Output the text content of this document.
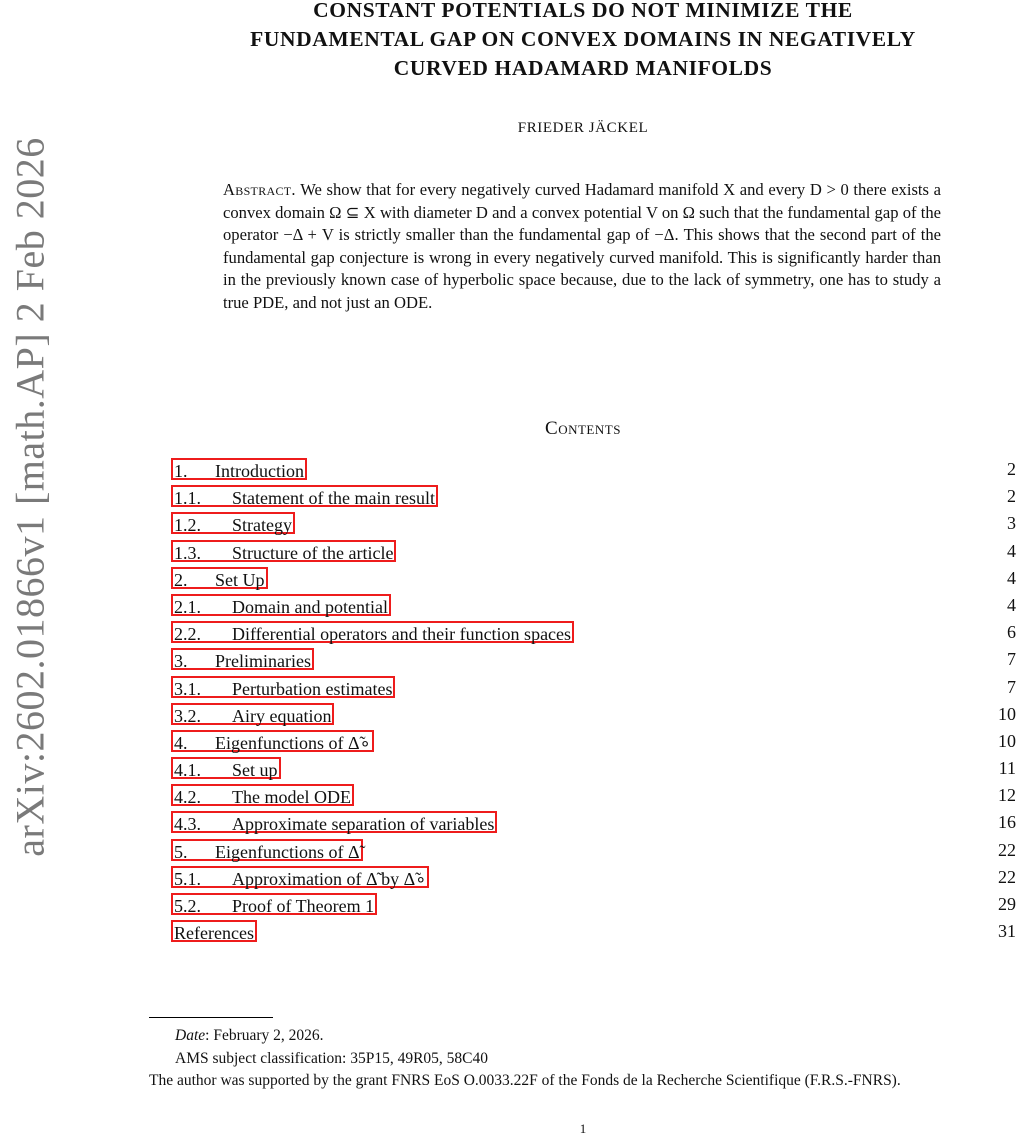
arXiv:2602.01866v1 [math.AP] 2 Feb 2026
CONSTANT POTENTIALS DO NOT MINIMIZE THE
FUNDAMENTAL GAP ON CONVEX DOMAINS IN NEGATIVELY
CURVED HADAMARD MANIFOLDS
FRIEDER JÄCKEL
Abstract. We show that for every negatively curved Hadamard manifold X and every D > 0 there exists a convex domain Ω ⊆ X with diameter D and a convex potential V on Ω such that the fundamental gap of the operator −Δ + V is strictly smaller than the fundamental gap of −Δ. This shows that the second part of the fundamental gap conjecture is wrong in every negatively curved manifold. This is significantly harder than in the previously known case of hyperbolic space because, due to the lack of symmetry, one has to study a true PDE, and not just an ODE.
Contents
1. Introduction	2
1.1. Statement of the main result	2
1.2. Strategy	3
1.3. Structure of the article	4
2. Set Up	4
2.1. Domain and potential	4
2.2. Differential operators and their function spaces	6
3. Preliminaries	7
3.1. Perturbation estimates	7
3.2. Airy equation	10
4. Eigenfunctions of Δ̃∘	10
4.1. Set up	11
4.2. The model ODE	12
4.3. Approximate separation of variables	16
5. Eigenfunctions of Δ̃	22
5.1. Approximation of Δ̃ by Δ̃∘	22
5.2. Proof of Theorem 1	29
References	31
Date: February 2, 2026.
AMS subject classification: 35P15, 49R05, 58C40
The author was supported by the grant FNRS EoS O.0033.22F of the Fonds de la Recherche Scientifique (F.R.S.-FNRS).
1
